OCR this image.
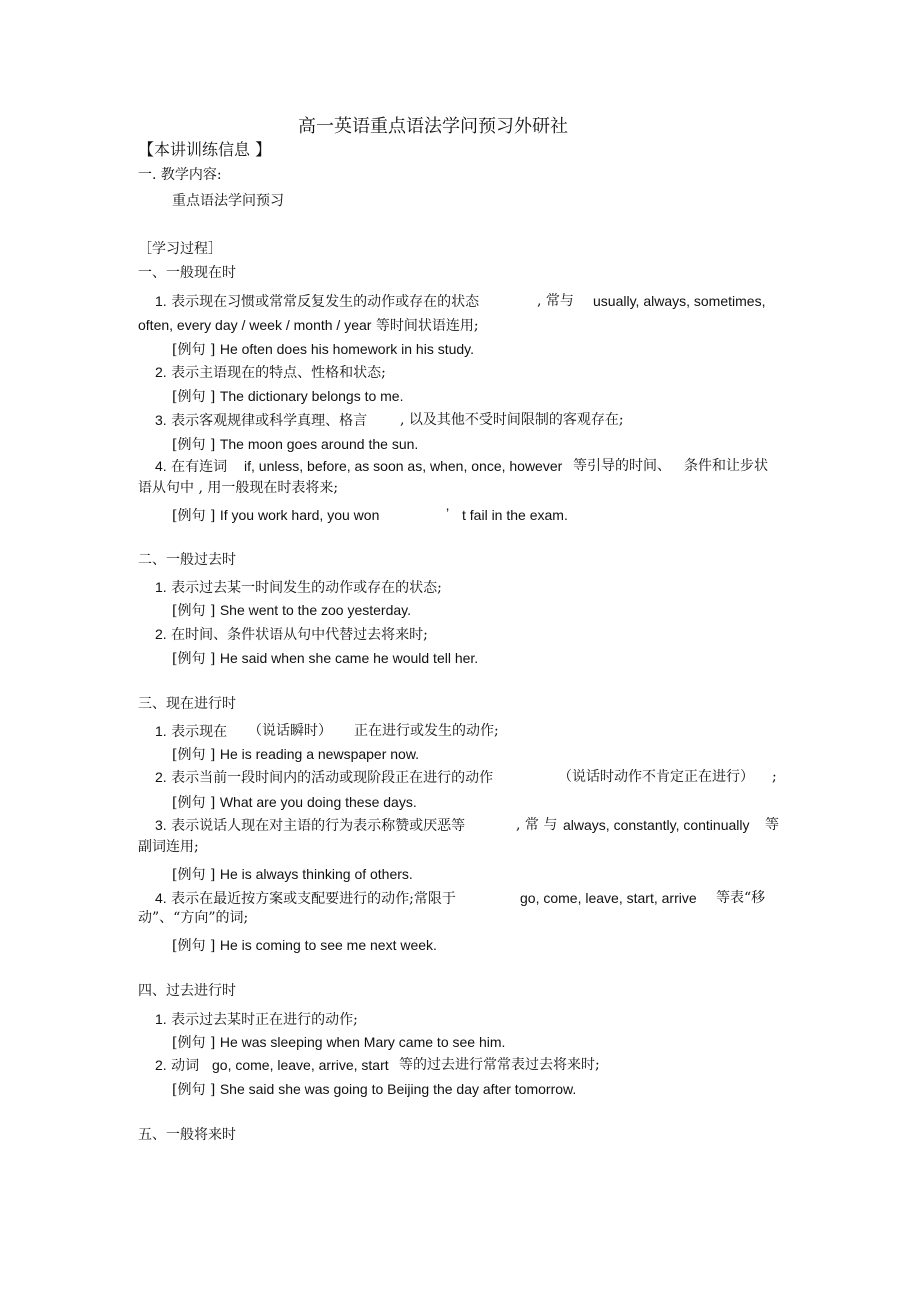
高一英语重点语法学问预习外研社
【本讲训练信息 】
一. 教学内容:
重点语法学问预习
［学习过程］
一、一般现在时
1. 表示现在习惯或常常反复发生的动作或存在的状态	, 常与 usually, always, sometimes,
often, every day / week / month / year 等时间状语连用;
[例句 ] He often does his homework in his study.
2. 表示主语现在的特点、性格和状态;
[例句 ] The dictionary belongs to me.
3. 表示客观规律或科学真理、格言 , 以及其他不受时间限制的客观存在;
[例句 ] The moon goes around the sun.
4. 在有连词 if, unless, before, as soon as, when, once, however 等引导的时间、 条件和让步状
语从句中 , 用一般现在时表将来;
[例句 ] If you work hard, you won	’ t fail in the exam.
二、一般过去时
1. 表示过去某一时间发生的动作或存在的状态;
[例句 ] She went to the zoo yesterday.
2. 在时间、条件状语从句中代替过去将来时;
[例句 ] He said when she came he would tell her.
三、现在进行时
1. 表示现在 （说话瞬时） 正在进行或发生的动作;
[例句 ] He is reading a newspaper now.
2. 表示当前一段时间内的活动或现阶段正在进行的动作	（说话时动作不肯定正在进行） ;
[例句 ] What are you doing these days.
3. 表示说话人现在对主语的行为表示称赞或厌恶等	, 常 与 always, constantly, continually 等
副词连用;
[例句 ] He is always thinking of others.
4. 表示在最近按方案或支配要进行的动作;常限于	go, come, leave, start, arrive 等表“移
动”、“方向”的词;
[例句 ] He is coming to see me next week.
四、过去进行时
1. 表示过去某时正在进行的动作;
[例句 ] He was sleeping when Mary came to see him.
2. 动词 go, come, leave, arrive, start 等的过去进行常常表过去将来时;
[例句 ] She said she was going to Beijing the day after tomorrow.
五、一般将来时
